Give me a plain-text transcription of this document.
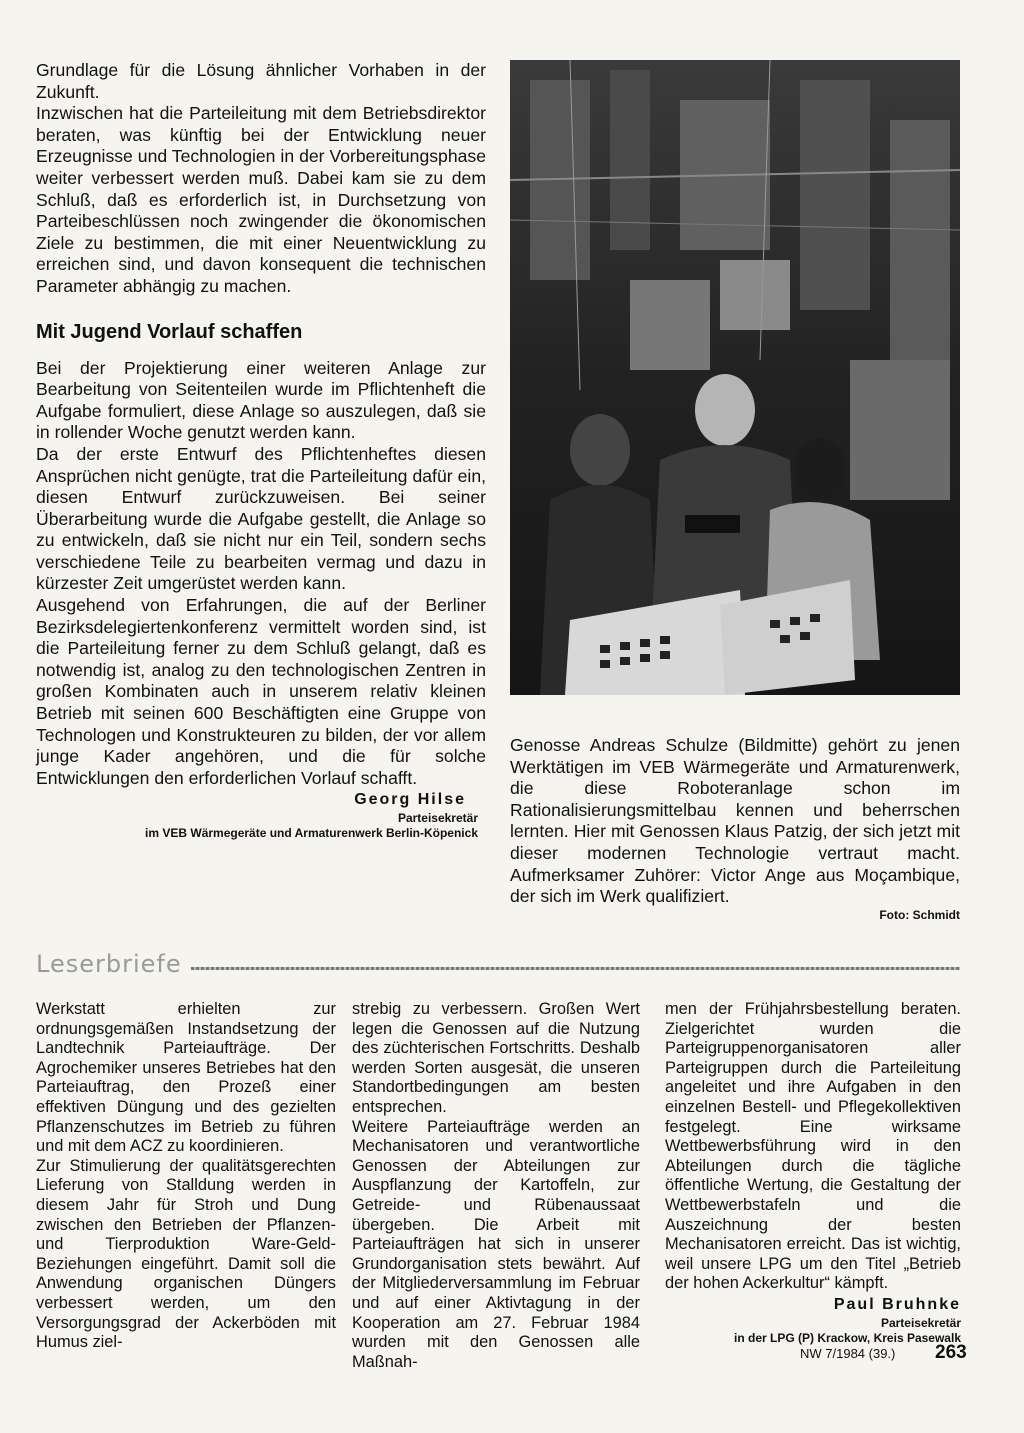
Grundlage für die Lösung ähnlicher Vorhaben in der Zukunft.

Inzwischen hat die Parteileitung mit dem Betriebsdirektor beraten, was künftig bei der Entwicklung neuer Erzeugnisse und Technologien in der Vorbereitungsphase weiter verbessert werden muß. Dabei kam sie zu dem Schluß, daß es erforderlich ist, in Durchsetzung von Parteibeschlüssen noch zwingender die ökonomischen Ziele zu bestimmen, die mit einer Neuentwicklung zu erreichen sind, und davon konsequent die technischen Parameter abhängig zu machen.

Mit Jugend Vorlauf schaffen

Bei der Projektierung einer weiteren Anlage zur Bearbeitung von Seitenteilen wurde im Pflichtenheft die Aufgabe formuliert, diese Anlage so auszulegen, daß sie in rollender Woche genutzt werden kann.

Da der erste Entwurf des Pflichtenheftes diesen Ansprüchen nicht genügte, trat die Parteileitung dafür ein, diesen Entwurf zurückzuweisen. Bei seiner Überarbeitung wurde die Aufgabe gestellt, die Anlage so zu entwickeln, daß sie nicht nur ein Teil, sondern sechs verschiedene Teile zu bearbeiten vermag und dazu in kürzester Zeit umgerüstet werden kann.

Ausgehend von Erfahrungen, die auf der Berliner Bezirksdelegiertenkonferenz vermittelt worden sind, ist die Parteileitung ferner zu dem Schluß gelangt, daß es notwendig ist, analog zu den technologischen Zentren in großen Kombinaten auch in unserem relativ kleinen Betrieb mit seinen 600 Beschäftigten eine Gruppe von Technologen und Konstrukteuren zu bilden, der vor allem junge Kader angehören, und die für solche Entwicklungen den erforderlichen Vorlauf schafft.

Georg Hilse
Parteisekretär
im VEB Wärmegeräte und Armaturenwerk Berlin-Köpenick

Genosse Andreas Schulze (Bildmitte) gehört zu jenen Werktätigen im VEB Wärmegeräte und Armaturenwerk, die diese Roboteranlage schon im Rationalisierungsmittelbau kennen und beherrschen lernten. Hier mit Genossen Klaus Patzig, der sich jetzt mit dieser modernen Technologie vertraut macht. Aufmerksamer Zuhörer: Victor Ange aus Moçambique, der sich im Werk qualifiziert.

Foto: Schmidt
Leserbriefe

Werkstatt erhielten zur ordnungsgemäßen Instandsetzung der Landtechnik Parteiaufträge. Der Agrochemiker unseres Betriebes hat den Parteiauftrag, den Prozeß einer effektiven Düngung und des gezielten Pflanzenschutzes im Betrieb zu führen und mit dem ACZ zu koordinieren.

Zur Stimulierung der qualitätsgerechten Lieferung von Stalldung werden in diesem Jahr für Stroh und Dung zwischen den Betrieben der Pflanzen- und Tierproduktion Ware-Geld-Beziehungen eingeführt. Damit soll die Anwendung organischen Düngers verbessert werden, um den Versorgungsgrad der Ackerböden mit Humus ziel-

strebig zu verbessern. Großen Wert legen die Genossen auf die Nutzung des züchterischen Fortschritts. Deshalb werden Sorten ausgesät, die unseren Standortbedingungen am besten entsprechen.

Weitere Parteiaufträge werden an Mechanisatoren und verantwortliche Genossen der Abteilungen zur Auspflanzung der Kartoffeln, zur Getreide- und Rübenaussaat übergeben. Die Arbeit mit Parteiaufträgen hat sich in unserer Grundorganisation stets bewährt. Auf der Mitgliederversammlung im Februar und auf einer Aktivtagung in der Kooperation am 27. Februar 1984 wurden mit den Genossen alle Maßnah-

men der Frühjahrsbestellung beraten. Zielgerichtet wurden die Parteigruppenorganisatoren aller Parteigruppen durch die Parteileitung angeleitet und ihre Aufgaben in den einzelnen Bestell- und Pflegekollektiven festgelegt. Eine wirksame Wettbewerbsführung wird in den Abteilungen durch die tägliche öffentliche Wertung, die Gestaltung der Wettbewerbstafeln und die Auszeichnung der besten Mechanisatoren erreicht. Das ist wichtig, weil unsere LPG um den Titel „Betrieb der hohen Ackerkultur“ kämpft.

Paul Bruhnke
Parteisekretär
in der LPG (P) Krackow, Kreis Pasewalk
NW 7/1984 (39.) 263
